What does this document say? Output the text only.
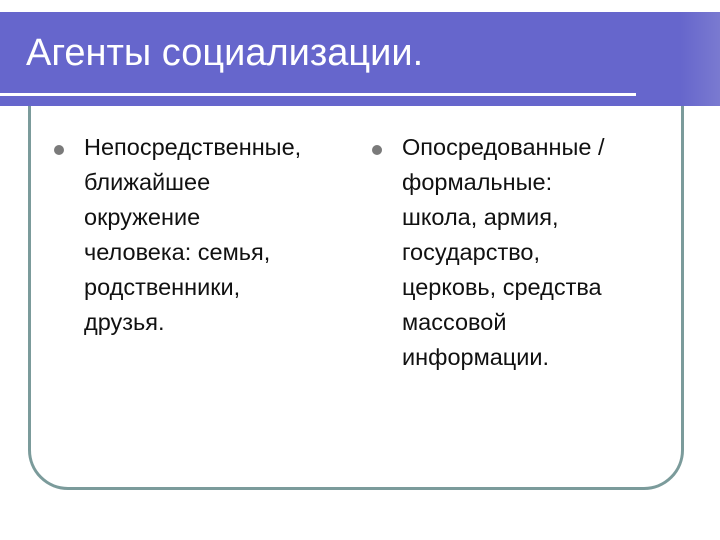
Агенты социализации.
Непосредственные,
ближайшее
окружение
человека: семья,
родственники,
друзья.
Опосредованные /
формальные:
школа, армия,
государство,
церковь, средства
массовой
информации.
